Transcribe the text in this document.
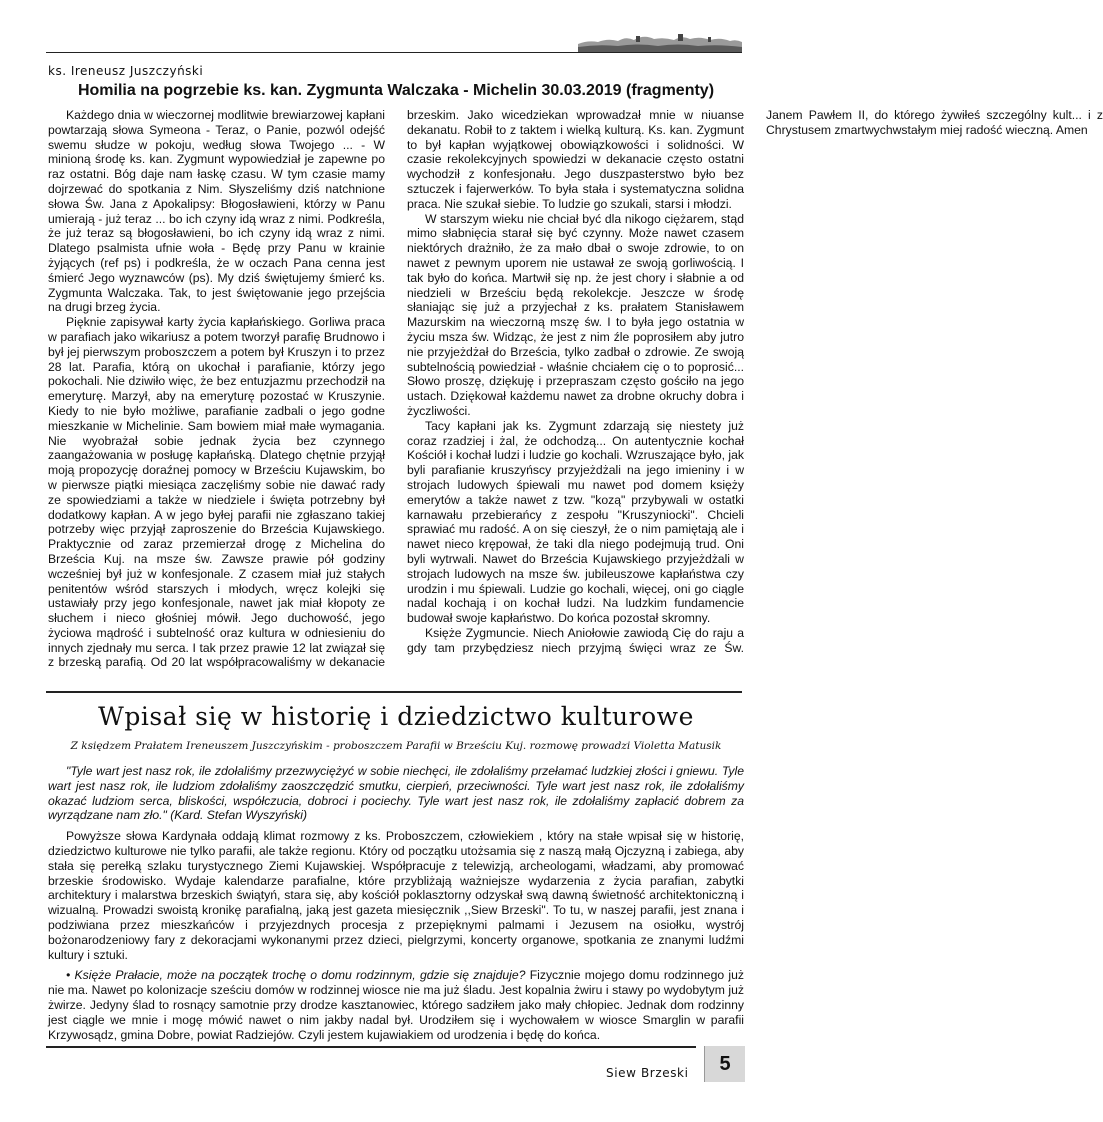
ks. Ireneusz Juszczyński
Homilia na pogrzebie ks. kan. Zygmunta Walczaka - Michelin 30.03.2019 (fragmenty)

Każdego dnia w wieczornej modlitwie brewiarzowej kapłani powtarzają słowa Symeona - Teraz, o Panie, pozwól odejść swemu słudze w pokoju, według słowa Twojego ... - W minioną środę ks. kan. Zygmunt wypowiedział je zapewne po raz ostatni. Bóg daje nam łaskę czasu. W tym czasie mamy dojrzewać do spotkania z Nim. Słyszeliśmy dziś natchnione słowa Św. Jana z Apokalipsy: Błogosławieni, którzy w Panu umierają - już teraz ... bo ich czyny idą wraz z nimi. Podkreśla, że już teraz są błogosławieni, bo ich czyny idą wraz z nimi. Dlatego psalmista ufnie woła - Będę przy Panu w krainie żyjących (ref ps) i podkreśla, że w oczach Pana cenna jest śmierć Jego wyznawców (ps). My dziś świętujemy śmierć ks. Zygmunta Walczaka. Tak, to jest świętowanie jego przejścia na drugi brzeg życia.

Pięknie zapisywał karty życia kapłańskiego. Gorliwa praca w parafiach jako wikariusz a potem tworzył parafię Brudnowo i był jej pierwszym proboszczem a potem był Kruszyn i to przez 28 lat. Parafia, którą on ukochał i parafianie, którzy jego pokochali. Nie dziwiło więc, że bez entuzjazmu przechodził na emeryturę. Marzył, aby na emeryturę pozostać w Kruszynie. Kiedy to nie było możliwe, parafianie zadbali o jego godne mieszkanie w Michelinie. Sam bowiem miał małe wymagania. Nie wyobrażał sobie jednak życia bez czynnego zaangażowania w posługę kapłańską. Dlatego chętnie przyjął moją propozycję doraźnej pomocy w Brześciu Kujawskim, bo w pierwsze piątki miesiąca zaczęliśmy sobie nie dawać rady ze spowiedziami a także w niedziele i święta potrzebny był dodatkowy kapłan. A w jego byłej parafii nie zgłaszano takiej potrzeby więc przyjął zaproszenie do Brześcia Kujawskiego. Praktycznie od zaraz przemierzał drogę z Michelina do Brześcia Kuj. na msze św. Zawsze prawie pół godziny wcześniej był już w konfesjonale. Z czasem miał już stałych penitentów wśród starszych i młodych, wręcz kolejki się ustawiały przy jego konfesjonale, nawet jak miał kłopoty ze słuchem i nieco głośniej mówił. Jego duchowość, jego życiowa mądrość i subtelność oraz kultura w odniesieniu do innych zjednały mu serca. I tak przez prawie 12 lat związał się z brzeską parafią. Od 20 lat współpracowaliśmy w dekanacie brzeskim. Jako wicedziekan wprowadzał mnie w niuanse dekanatu. Robił to z taktem i wielką kulturą. Ks. kan. Zygmunt to był kapłan wyjątkowej obowiązkowości i solidności. W czasie rekolekcyjnych spowiedzi w dekanacie często ostatni wychodził z konfesjonału. Jego duszpasterstwo było bez sztuczek i fajerwerków. To była stała i systematyczna solidna praca. Nie szukał siebie. To ludzie go szukali, starsi i młodzi.

W starszym wieku nie chciał być dla nikogo ciężarem, stąd mimo słabnięcia starał się być czynny. Może nawet czasem niektórych drażniło, że za mało dbał o swoje zdrowie, to on nawet z pewnym uporem nie ustawał ze swoją gorliwością. I tak było do końca. Martwił się np. że jest chory i słabnie a od niedzieli w Brześciu będą rekolekcje. Jeszcze w środę słaniając się już a przyjechał z ks. prałatem Stanisławem Mazurskim na wieczorną mszę św. I to była jego ostatnia w życiu msza św. Widząc, że jest z nim źle poprosiłem aby jutro nie przyjeżdżał do Brześcia, tylko zadbał o zdrowie. Ze swoją subtelnością powiedział - właśnie chciałem cię o to poprosić... Słowo proszę, dziękuję i przepraszam często gościło na jego ustach. Dziękował każdemu nawet za drobne okruchy dobra i życzliwości.

Tacy kapłani jak ks. Zygmunt zdarzają się niestety już coraz rzadziej i żal, że odchodzą... On autentycznie kochał Kościół i kochał ludzi i ludzie go kochali. Wzruszające było, jak byli parafianie kruszyńscy przyjeżdżali na jego imieniny i w strojach ludowych śpiewali mu nawet pod domem księży emerytów a także nawet z tzw. "kozą" przybywali w ostatki karnawału przebierańcy z zespołu "Kruszyniocki". Chcieli sprawiać mu radość. A on się cieszył, że o nim pamiętają ale i nawet nieco krępował, że taki dla niego podejmują trud. Oni byli wytrwali. Nawet do Brześcia Kujawskiego przyjeżdżali w strojach ludowych na msze św. jubileuszowe kapłaństwa czy urodzin i mu śpiewali. Ludzie go kochali, więcej, oni go ciągle nadal kochają i on kochał ludzi. Na ludzkim fundamencie budował swoje kapłaństwo. Do końca pozostał skromny.

Księże Zygmuncie. Niech Aniołowie zawiodą Cię do raju a gdy tam przybędziesz niech przyjmą święci wraz ze Św. Janem Pawłem II, do którego żywiłeś szczególny kult... i z Chrystusem zmartwychwstałym miej radość wieczną. Amen

Wpisał się w historię i dziedzictwo kulturowe
Z księdzem Prałatem Ireneuszem Juszczyńskim - proboszczem Parafii w Brześciu Kuj. rozmowę prowadzi Violetta Matusik

"Tyle wart jest nasz rok, ile zdołaliśmy przezwyciężyć w sobie niechęci, ile zdołaliśmy przełamać ludzkiej złości i gniewu. Tyle wart jest nasz rok, ile ludziom zdołaliśmy zaoszczędzić smutku, cierpień, przeciwności. Tyle wart jest nasz rok, ile zdołaliśmy okazać ludziom serca, bliskości, współczucia, dobroci i pociechy. Tyle wart jest nasz rok, ile zdołaliśmy zapłacić dobrem za wyrządzane nam zło." (Kard. Stefan Wyszyński)

Powyższe słowa Kardynała oddają klimat rozmowy z ks. Proboszczem, człowiekiem , który na stałe wpisał się w historię, dziedzictwo kulturowe nie tylko parafii, ale także regionu. Który od początku utożsamia się z naszą małą Ojczyzną i zabiega, aby stała się perełką szlaku turystycznego Ziemi Kujawskiej. Współpracuje z telewizją, archeologami, władzami, aby promować brzeskie środowisko. Wydaje kalendarze parafialne, które przybliżają ważniejsze wydarzenia z życia parafian, zabytki architektury i malarstwa brzeskich świątyń, stara się, aby kościół poklasztorny odzyskał swą dawną świetność architektoniczną i wizualną. Prowadzi swoistą kronikę parafialną, jaką jest gazeta miesięcznik ,,Siew Brzeski". To tu, w naszej parafii, jest znana i podziwiana przez mieszkańców i przyjezdnych procesja z przepięknymi palmami i Jezusem na osiołku, wystrój bożonarodzeniowy fary z dekoracjami wykonanymi przez dzieci, pielgrzymi, koncerty organowe, spotkania ze znanymi ludźmi kultury i sztuki.

• Księże Prałacie, może na początek trochę o domu rodzinnym, gdzie się znajduje? Fizycznie mojego domu rodzinnego już nie ma. Nawet po kolonizacje sześciu domów w rodzinnej wiosce nie ma już śladu. Jest kopalnia żwiru i stawy po wydobytym już żwirze. Jedyny ślad to rosnący samotnie przy drodze kasztanowiec, którego sadziłem jako mały chłopiec. Jednak dom rodzinny jest ciągle we mnie i mogę mówić nawet o nim jakby nadal był. Urodziłem się i wychowałem w wiosce Smarglin w parafii Krzywosądz, gmina Dobre, powiat Radziejów. Czyli jestem kujawiakiem od urodzenia i będę do końca.

Siew Brzeski	5
